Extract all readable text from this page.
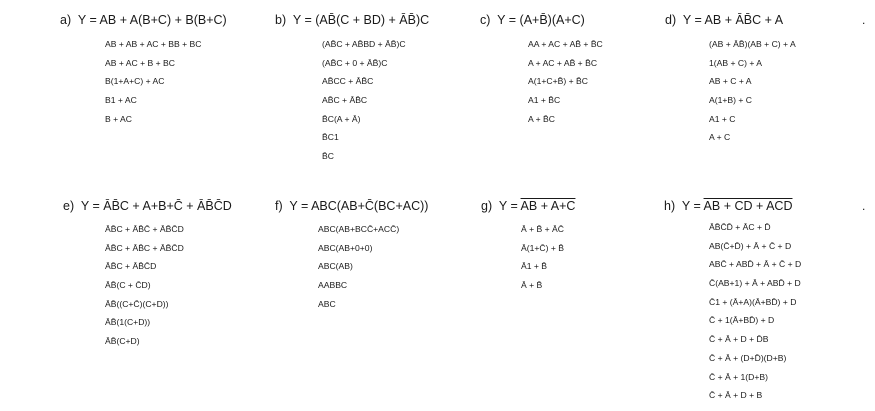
a) Y = AB + A(B+C) + B(B+C)
AB + AB + AC + BB + BC
AB + AC + B + BC
B(1+A+C) + AC
B1 + AC
B + AC
b) Y = (AB̄(C + BD) + ĀB̄)C
(AB̄C + AB̄BD + ĀB̄)C
(AB̄C + 0 + ĀB̄)C
AB̄CC + ĀB̄C
AB̄C + ĀB̄C
B̄C(A + Ā)
B̄C1
B̄C
c) Y = (A+B̄)(A+C)
AA + AC + AB̄ + B̄C
A + AC + AB̄ + B̄C
A(1+C+B̄) + B̄C
A1 + B̄C
A + B̄C
d) Y = AB + ĀB̄C + A
(AB + ĀB̄)(AB + C) + A
1(AB + C) + A
AB + C + A
A(1+B) + C
A1 + C
A + C
e) Y = ĀB̄C + A+B+C̄ + ĀB̄C̄D
ĀB̄C + ĀB̄C̄ + ĀB̄C̄D
ĀB̄C + ĀB̄C + ĀB̄C̄D
ĀB̄C + ĀB̄C̄D
ĀB̄(C + C̄D)
ĀB̄((C+C̄)(C+D))
ĀB̄(1(C+D))
ĀB̄(C+D)
f) Y = ABC(AB+C̄(BC+AC))
ABC(AB+BCC̄+ACC̄)
ABC(AB+0+0)
ABC(AB)
AABBC
ABC
g) Y = AB + A+C
Ā + B̄ + ĀC̄
Ā(1+C̄) + B̄
Ā1 + B̄
Ā + B̄
h) Y = AB + CD + ACD
ĀB̄C̄D̄ + ĀC + D̄
AB(C̄+D̄) + Ā + C̄ + D
ABC̄ + ABD̄ + Ā + C̄ + D
C̄(AB+1) + Ā + ABD̄ + D
C̄1 + (Ā+A)(Ā+BD̄) + D
C̄ + 1(Ā+BD̄) + D
C̄ + Ā + D + D̄B
C̄ + Ā + (D+D̄)(D+B)
C̄ + Ā + 1(D+B)
C̄ + Ā + D + B
.
.
